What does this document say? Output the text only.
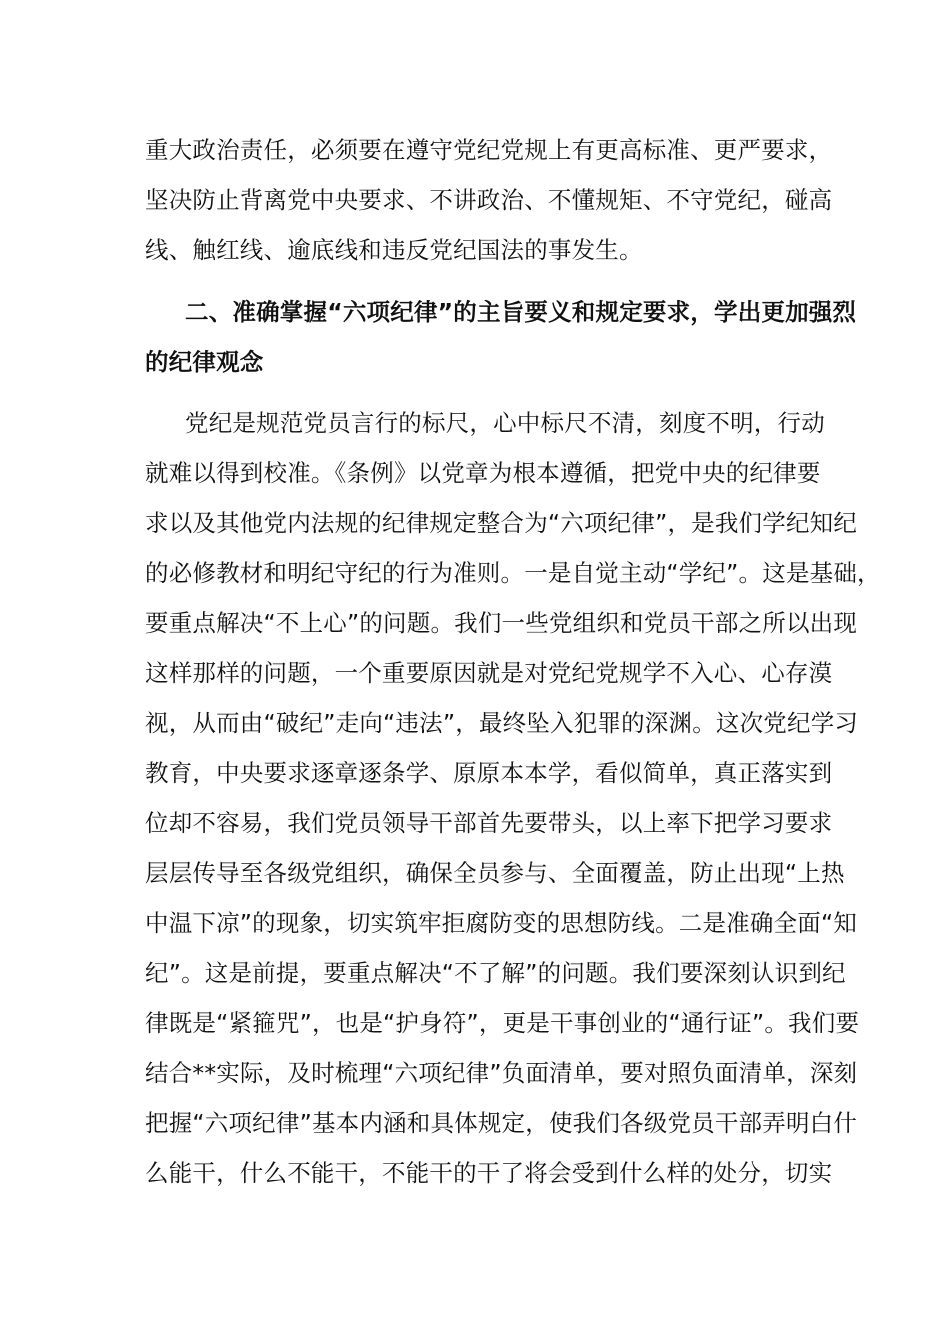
重大政治责任，必须要在遵守党纪党规上有更高标准、更严要求，
坚决防止背离党中央要求、不讲政治、不懂规矩、不守党纪，碰高
线、触红线、逾底线和违反党纪国法的事发生。
二、准确掌握“六项纪律”的主旨要义和规定要求，学出更加强烈
的纪律观念
党纪是规范党员言行的标尺，心中标尺不清，刻度不明，行动
就难以得到校准。《条例》以党章为根本遵循，把党中央的纪律要
求以及其他党内法规的纪律规定整合为“六项纪律”，是我们学纪知纪
的必修教材和明纪守纪的行为准则。一是自觉主动“学纪”。这是基础，
要重点解决“不上心”的问题。我们一些党组织和党员干部之所以出现
这样那样的问题，一个重要原因就是对党纪党规学不入心、心存漠
视，从而由“破纪”走向“违法”，最终坠入犯罪的深渊。这次党纪学习
教育，中央要求逐章逐条学、原原本本学，看似简单，真正落实到
位却不容易，我们党员领导干部首先要带头，以上率下把学习要求
层层传导至各级党组织，确保全员参与、全面覆盖，防止出现“上热
中温下凉”的现象，切实筑牢拒腐防变的思想防线。二是准确全面“知
纪”。这是前提，要重点解决“不了解”的问题。我们要深刻认识到纪
律既是“紧箍咒”，也是“护身符”，更是干事创业的“通行证”。我们要
结合**实际，及时梳理“六项纪律”负面清单，要对照负面清单，深刻
把握“六项纪律”基本内涵和具体规定，使我们各级党员干部弄明白什
么能干，什么不能干，不能干的干了将会受到什么样的处分，切实
